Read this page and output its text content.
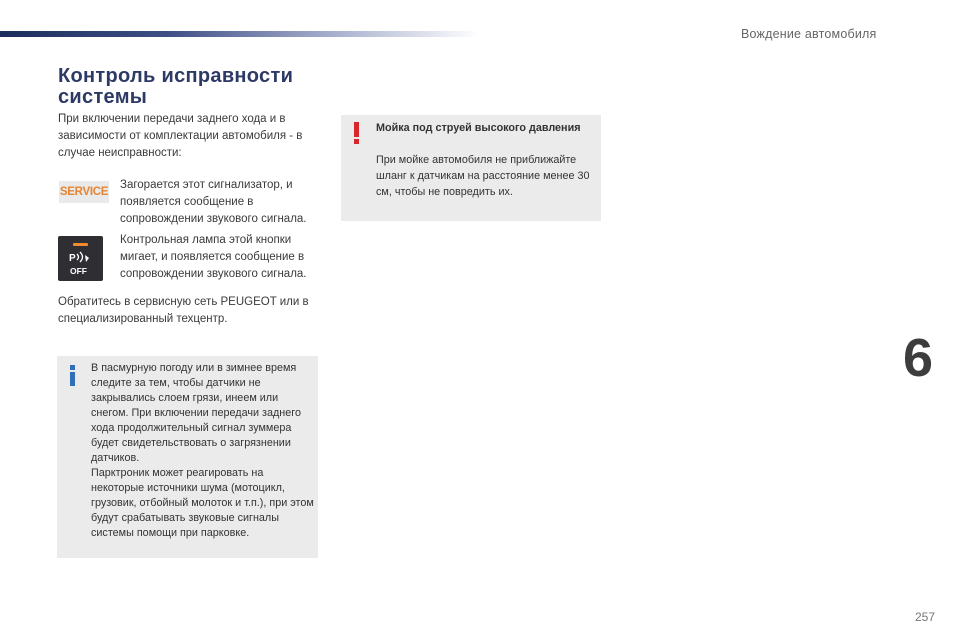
Вождение автомобиля
Контроль исправности
системы
При включении передачи заднего хода и в зависимости от комплектации автомобиля - в случае неисправности:
SERVICE
Загорается этот сигнализатор, и появляется сообщение в сопровождении звукового сигнала.
P
OFF
Контрольная лампа этой кнопки мигает, и появляется сообщение в сопровождении звукового сигнала.
Обратитесь в сервисную сеть PEUGEOT или в специализированный техцентр.
В пасмурную погоду или в зимнее время следите за тем, чтобы датчики не закрывались слоем грязи, инеем или снегом. При включении передачи заднего хода продолжительный сигнал зуммера будет свидетельствовать о загрязнении датчиков.
Парктроник может реагировать на некоторые источники шума (мотоцикл, грузовик, отбойный молоток и т.п.), при этом будут срабатывать звуковые сигналы системы помощи при парковке.
Мойка под струей высокого давления
При мойке автомобиля не приближайте шланг к датчикам на расстояние менее 30 см, чтобы не повредить их.
6
257
